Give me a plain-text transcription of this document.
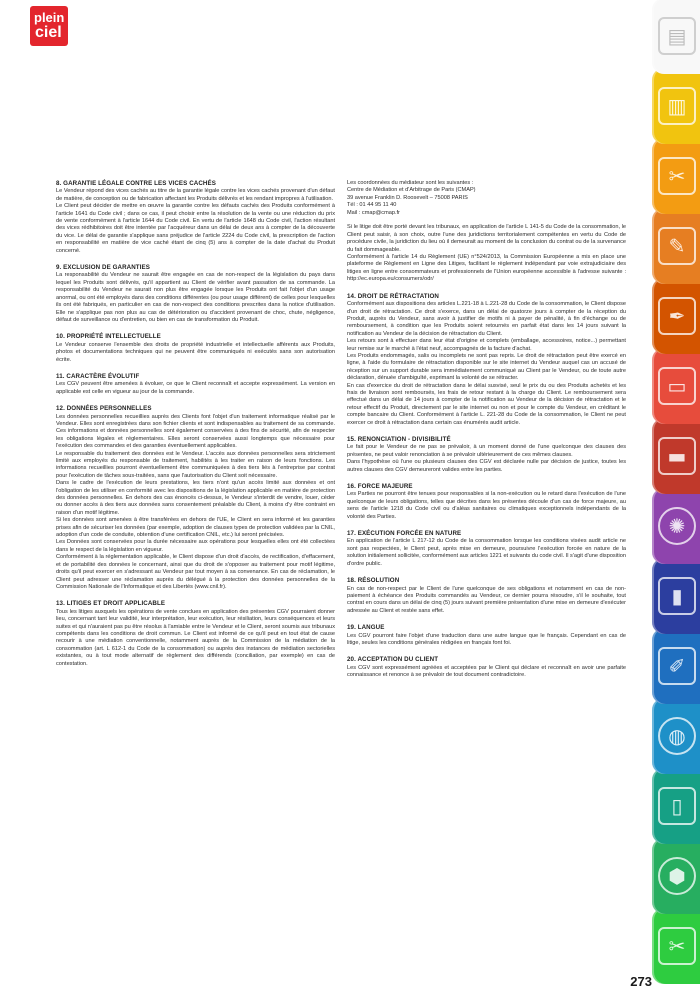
plein
ciel
8. GARANTIE LÉGALE CONTRE LES VICES CACHÉS

Le Vendeur répond des vices cachés au titre de la garantie légale contre les vices cachés provenant d'un défaut de matière, de conception ou de fabrication affectant les Produits délivrés et les rendant impropres à l'utilisation.

Le Client peut décider de mettre en œuvre la garantie contre les défauts cachés des Produits conformément à l'article 1641 du Code civil ; dans ce cas, il peut choisir entre la résolution de la vente ou une réduction du prix de vente conformément à l'article 1644 du Code civil. En vertu de l'article 1648 du Code civil, l'action résultant des vices rédhibitoires doit être intentée par l'acquéreur dans un délai de deux ans à compter de la découverte du vice. Le délai de garantie s'applique sans préjudice de l'article 2224 du Code civil, la prescription de l'action en responsabilité en matière de vice caché étant de cinq (5) ans à compter de la date d'achat du Produit concerné.

9. EXCLUSION DE GARANTIES

La responsabilité du Vendeur ne saurait être engagée en cas de non-respect de la législation du pays dans lequel les Produits sont délivrés, qu'il appartient au Client de vérifier avant passation de sa commande. La responsabilité du Vendeur ne saurait non plus être engagée lorsque les Produits ont fait l'objet d'un usage anormal, ou ont été employés dans des conditions différentes (ou pour usage différent) de celles pour lesquelles ils ont été fabriqués, en particulier en cas de non-respect des conditions prescrites dans la notice d'utilisation. Elle ne s'applique pas non plus au cas de détérioration ou d'accident provenant de choc, chute, négligence, défaut de surveillance ou d'entretien, ou bien en cas de transformation du Produit.

10. PROPRIÉTÉ INTELLECTUELLE

Le Vendeur conserve l'ensemble des droits de propriété industrielle et intellectuelle afférents aux Produits, photos et documentations techniques qui ne peuvent être communiqués ni exécutés sans son autorisation écrite.

11. CARACTÈRE ÉVOLUTIF

Les CGV peuvent être amenées à évoluer, ce que le Client reconnaît et accepte expressément. La version en applicable est celle en vigueur au jour de la commande.

12. DONNÉES PERSONNELLES

Les données personnelles recueillies auprès des Clients font l'objet d'un traitement informatique réalisé par le Vendeur. Elles sont enregistrées dans son fichier clients et sont indispensables au traitement de sa commande. Ces informations et données personnelles sont également conservées à des fins de sécurité, afin de respecter les obligations légales et réglementaires. Elles seront conservées aussi longtemps que nécessaire pour l'exécution des commandes et des garanties éventuellement applicables.

Le responsable du traitement des données est le Vendeur. L'accès aux données personnelles sera strictement limité aux employés du responsable de traitement, habilités à les traiter en raison de leurs fonctions. Les informations recueillies pourront éventuellement être communiquées à des tiers liés à l'entreprise par contrat pour l'exécution de tâches sous-traitées, sans que l'autorisation du Client soit nécessaire.

Dans le cadre de l'exécution de leurs prestations, les tiers n'ont qu'un accès limité aux données et ont l'obligation de les utiliser en conformité avec les dispositions de la législation applicable en matière de protection des données personnelles. En dehors des cas énoncés ci-dessus, le Vendeur s'interdit de vendre, louer, céder ou donner accès à des tiers aux données sans consentement préalable du Client, à moins d'y être contraint en raison d'un motif légitime.

Si les données sont amenées à être transférées en dehors de l'UE, le Client en sera informé et les garanties prises afin de sécuriser les données (par exemple, adoption de clauses types de protection validées par la CNIL, adoption d'un code de conduite, obtention d'une certification CNIL, etc.) lui seront précisées.

Les Données sont conservées pour la durée nécessaire aux opérations pour lesquelles elles ont été collectées dans le respect de la législation en vigueur.

Conformément à la réglementation applicable, le Client dispose d'un droit d'accès, de rectification, d'effacement, et de portabilité des données le concernant, ainsi que du droit de s'opposer au traitement pour motif légitime, droits qu'il peut exercer en s'adressant au Vendeur par tout moyen à sa convenance. En cas de réclamation, le Client peut adresser une réclamation auprès du délégué à la protection des données personnelles de la Commission Nationale de l'Informatique et des Libertés (www.cnil.fr).

13. LITIGES ET DROIT APPLICABLE

Tous les litiges auxquels les opérations de vente conclues en application des présentes CGV pourraient donner lieu, concernant tant leur validité, leur interprétation, leur exécution, leur résiliation, leurs conséquences et leurs suites et qui n'auraient pas pu être résolus à l'amiable entre le Vendeur et le Client, seront soumis aux tribunaux compétents dans les conditions de droit commun. Le Client est informé de ce qu'il peut en tout état de cause recourir à une médiation conventionnelle, notamment auprès de la Commission de la médiation de la consommation (art. L 612-1 du Code de la consommation) ou auprès des instances de médiation sectorielles existantes, ou à tout mode alternatif de règlement des différends (conciliation, par exemple) en cas de contestation.

Les coordonnées du médiateur sont les suivantes :

Centre de Médiation et d'Arbitrage de Paris (CMAP)

39 avenue Franklin D. Roosevelt – 75008 PARIS

Tél : 01 44 95 11 40

Mail : cmap@cmap.fr

Si le litige doit être porté devant les tribunaux, en application de l'article L 141-5 du Code de la consommation, le Client peut saisir, à son choix, outre l'une des juridictions territorialement compétentes en vertu du Code de procédure civile, la juridiction du lieu où il demeurait au moment de la conclusion du contrat ou de la survenance du fait dommageable.

Conformément à l'article 14 du Règlement (UE) n°524/2013, la Commission Européenne a mis en place une plateforme de Règlement en Ligne des Litiges, facilitant le règlement indépendant par voie extrajudiciaire des litiges en ligne entre consommateurs et professionnels de l'Union européenne accessible à l'adresse suivante : http://ec.europa.eu/consumers/odr/

14. DROIT DE RÉTRACTATION

Conformément aux dispositions des articles L.221-18 à L.221-28 du Code de la consommation, le Client dispose d'un droit de rétractation. Ce droit s'exerce, dans un délai de quatorze jours à compter de la réception du Produit, auprès du Vendeur, sans avoir à justifier de motifs ni à payer de pénalité, à fin d'échange ou de remboursement, à condition que les Produits soient retournés en parfait état dans les 14 jours suivant la notification au Vendeur de la décision de rétractation du Client.

Les retours sont à effectuer dans leur état d'origine et complets (emballage, accessoires, notice...) permettant leur remise sur le marché à l'état neuf, accompagnés de la facture d'achat.

Les Produits endommagés, salis ou incomplets ne sont pas repris. Le droit de rétractation peut être exercé en ligne, à l'aide du formulaire de rétractation disponible sur le site internet du Vendeur auquel cas un accusé de réception sur un support durable sera immédiatement communiqué au Client par le Vendeur, ou de toute autre déclaration, dénuée d'ambiguïté, exprimant la volonté de se rétracter.

En cas d'exercice du droit de rétractation dans le délai susvisé, seul le prix du ou des Produits achetés et les frais de livraison sont remboursés, les frais de retour restant à la charge du Client. Le remboursement sera effectué dans un délai de 14 jours à compter de la notification au Vendeur de la décision de rétractation et le retour effectif du Produit, directement par le site internet ou non et pour le compte du Vendeur, en créditant le compte bancaire du Client. Conformément à l'article L. 221-28 du Code de la consommation, le Client ne peut exercer ce droit à rétractation dans certain cas énumérés audit article.

15. RENONCIATION - DIVISIBILITÉ

Le fait pour le Vendeur de ne pas se prévaloir, à un moment donné de l'une quelconque des clauses des présentes, ne peut valoir renonciation à se prévaloir ultérieurement de ces mêmes clauses.

Dans l'hypothèse où l'une ou plusieurs clauses des CGV est déclarée nulle par décision de justice, toutes les autres clauses des CGV demeureront valides entre les parties.

16. FORCE MAJEURE

Les Parties ne pourront être tenues pour responsables si la non-exécution ou le retard dans l'exécution de l'une quelconque de leurs obligations, telles que décrites dans les présentes découle d'un cas de force majeure, au sens de l'article 1218 du Code civil ou d'aléas sanitaires ou climatiques exceptionnels indépendants de la volonté des Parties.

17. EXÉCUTION FORCÉE EN NATURE

En application de l'article L 217-12 du Code de la consommation lorsque les conditions visées audit article ne sont pas respectées, le Client peut, après mise en demeure, poursuivre l'exécution forcée en nature de la solution initialement sollicitée, conformément aux articles 1221 et suivants du code civil. Il s'agit d'une disposition d'ordre public.

18. RÉSOLUTION

En cas de non-respect par le Client de l'une quelconque de ses obligations et notamment en cas de non-paiement à échéance des Produits commandés au Vendeur, ce dernier pourra résoudre, s'il le souhaite, tout contrat en cours dans un délai de cinq (5) jours suivant première présentation d'une mise en demeure d'exécuter adressée au Client et restée sans effet.

19. LANGUE

Les CGV pourront faire l'objet d'une traduction dans une autre langue que le français. Cependant en cas de litige, seules les conditions générales rédigées en français font foi.

20. ACCEPTATION DU CLIENT

Les CGV sont expressément agréées et acceptées par le Client qui déclare et reconnaît en avoir une parfaite connaissance et renonce à se prévaloir de tout document contradictoire.

▤
▥
✂
✎
✒
▭
▬
✺
▮
✐
◍
▯
⬢
✂
273
